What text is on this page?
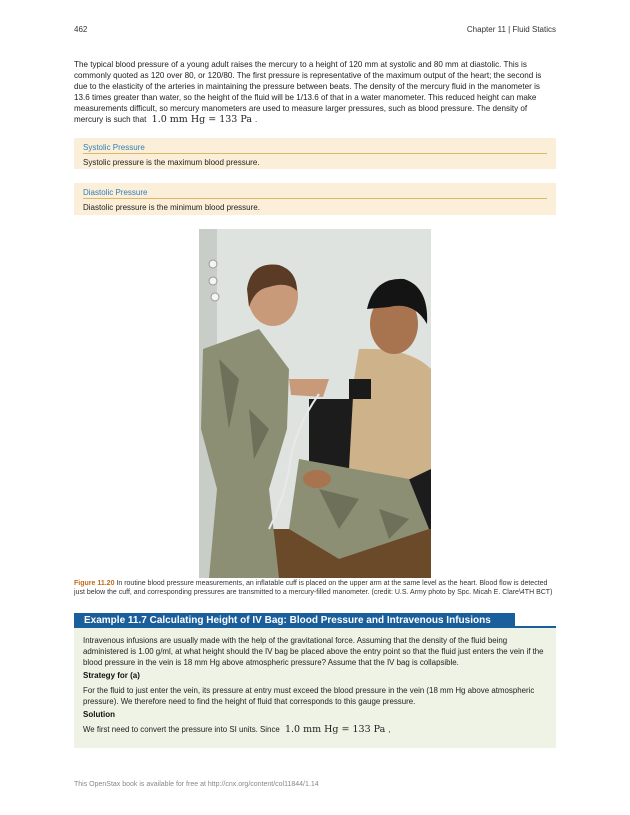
462	Chapter 11 | Fluid Statics

The typical blood pressure of a young adult raises the mercury to a height of 120 mm at systolic and 80 mm at diastolic. This is commonly quoted as 120 over 80, or 120/80. The first pressure is representative of the maximum output of the heart; the second is due to the elasticity of the arteries in maintaining the pressure between beats. The density of the mercury fluid in the manometer is 13.6 times greater than water, so the height of the fluid will be 1/13.6 of that in a water manometer. This reduced height can make measurements difficult, so mercury manometers are used to measure larger pressures, such as blood pressure. The density of mercury is such that 1.0 mm Hg = 133 Pa .

Systolic Pressure
Systolic pressure is the maximum blood pressure.
Diastolic Pressure
Diastolic pressure is the minimum blood pressure.

Figure 11.20 In routine blood pressure measurements, an inflatable cuff is placed on the upper arm at the same level as the heart. Blood flow is detected just below the cuff, and corresponding pressures are transmitted to a mercury-filled manometer. (credit: U.S. Army photo by Spc. Micah E. Clare\4TH BCT)

Example 11.7 Calculating Height of IV Bag: Blood Pressure and Intravenous Infusions

Intravenous infusions are usually made with the help of the gravitational force. Assuming that the density of the fluid being administered is 1.00 g/ml, at what height should the IV bag be placed above the entry point so that the fluid just enters the vein if the blood pressure in the vein is 18 mm Hg above atmospheric pressure? Assume that the IV bag is collapsible.

Strategy for (a)

For the fluid to just enter the vein, its pressure at entry must exceed the blood pressure in the vein (18 mm Hg above atmospheric pressure). We therefore need to find the height of fluid that corresponds to this gauge pressure.

Solution

We first need to convert the pressure into SI units. Since 1.0 mm Hg = 133 Pa ,

This OpenStax book is available for free at http://cnx.org/content/col11844/1.14
